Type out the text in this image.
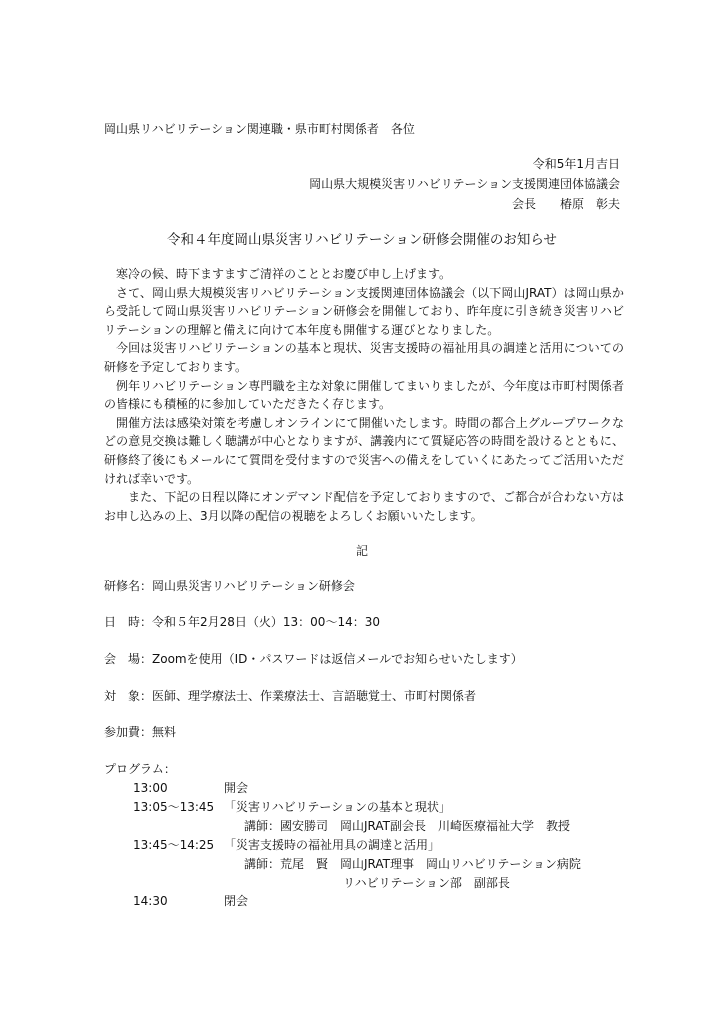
岡山県リハビリテーション関連職・県市町村関係者　各位
令和5年1月吉日
岡山県大規模災害リハビリテーション支援関連団体協議会
会長　　椿原　彰夫
令和４年度岡山県災害リハビリテーション研修会開催のお知らせ

寒冷の候、時下ますますご清祥のこととお慶び申し上げます。

さて、岡山県大規模災害リハビリテーション支援関連団体協議会（以下岡山JRAT）は岡山県から受託して岡山県災害リハビリテーション研修会を開催しており、昨年度に引き続き災害リハビリテーションの理解と備えに向けて本年度も開催する運びとなりました。

今回は災害リハビリテーションの基本と現状、災害支援時の福祉用具の調達と活用についての研修を予定しております。

例年リハビリテーション専門職を主な対象に開催してまいりましたが、今年度は市町村関係者の皆様にも積極的に参加していただきたく存じます。

開催方法は感染対策を考慮しオンラインにて開催いたします。時間の都合上グループワークなどの意見交換は難しく聴講が中心となりますが、講義内にて質疑応答の時間を設けるとともに、研修終了後にもメールにて質問を受付ますので災害への備えをしていくにあたってご活用いただければ幸いです。

また、下記の日程以降にオンデマンド配信を予定しておりますので、ご都合が合わない方はお申し込みの上、3月以降の配信の視聴をよろしくお願いいたします。

記
研修名：岡山県災害リハビリテーション研修会
日　時：令和５年2月28日（火）13：00〜14：30
会　場：Zoomを使用（ID・パスワードは返信メールでお知らせいたします）
対　象：医師、理学療法士、作業療法士、言語聴覚士、市町村関係者
参加費：無料
プログラム：
13:00	開会
13:05〜13:45 「災害リハビリテーションの基本と現状」
講師：國安勝司　岡山JRAT副会長　川崎医療福祉大学　教授
13:45〜14:25 「災害支援時の福祉用具の調達と活用」
講師：荒尾　賢　岡山JRAT理事　岡山リハビリテーション病院
リハビリテーション部　副部長
14:30	閉会
